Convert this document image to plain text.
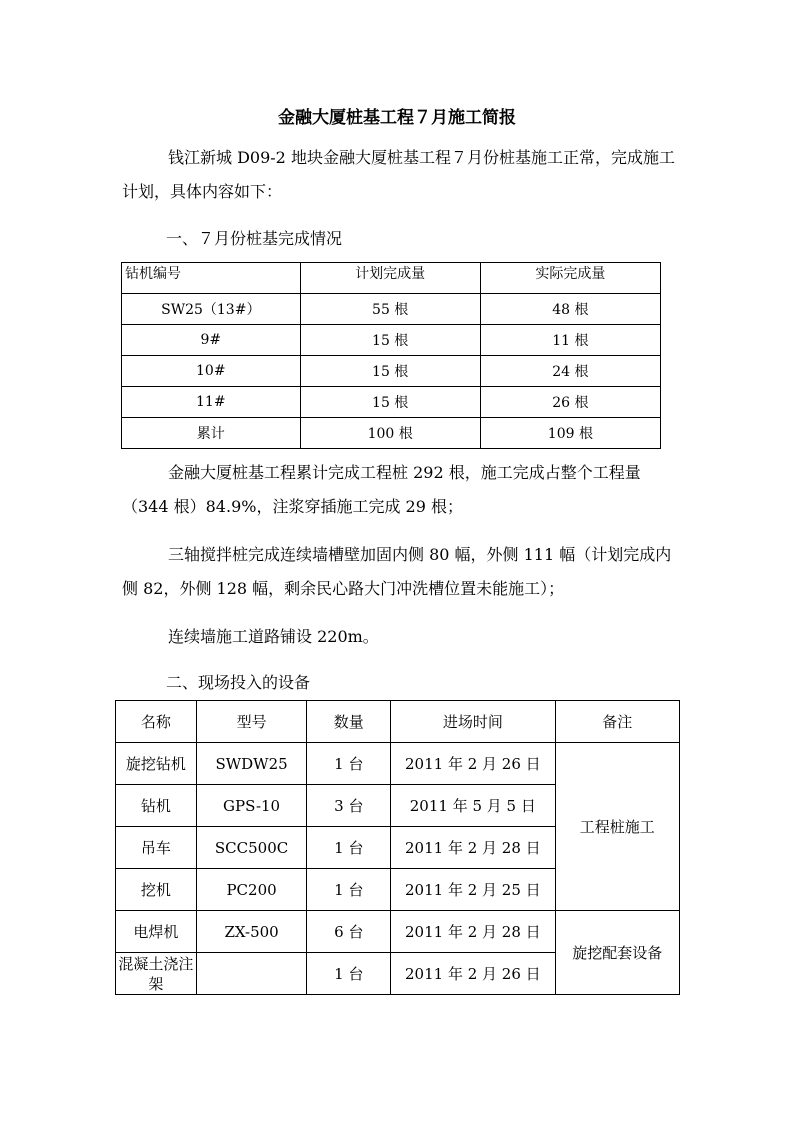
金融大厦桩基工程７月施工简报
钱江新城 D09-2 地块金融大厦桩基工程７月份桩基施工正常，完成施工计划，具体内容如下：
一、７月份桩基完成情况
钻机编号	计划完成量	实际完成量
SW25（13#）	55 根	48 根
9#	15 根	11 根
10#	15 根	24 根
11#	15 根	26 根
累计	100 根	109 根
金融大厦桩基工程累计完成工程桩 292 根，施工完成占整个工程量（344 根）84.9%，注浆穿插施工完成 29 根；
三轴搅拌桩完成连续墙槽壁加固内侧 80 幅，外侧 111 幅（计划完成内侧 82，外侧 128 幅，剩余民心路大门冲洗槽位置未能施工）；
连续墙施工道路铺设 220m。
二、现场投入的设备
名称	型号	数量	进场时间	备注
旋挖钻机	SWDW25	1 台	2011 年 2 月 26 日	工程桩施工
钻机	GPS-10	3 台	2011 年 5 月 5 日	
吊车	SCC500C	1 台	2011 年 2 月 28 日	
挖机	PC200	1 台	2011 年 2 月 25 日	
电焊机	ZX-500	6 台	2011 年 2 月 28 日	旋挖配套设备
混凝土浇注架		1 台	2011 年 2 月 26 日	
